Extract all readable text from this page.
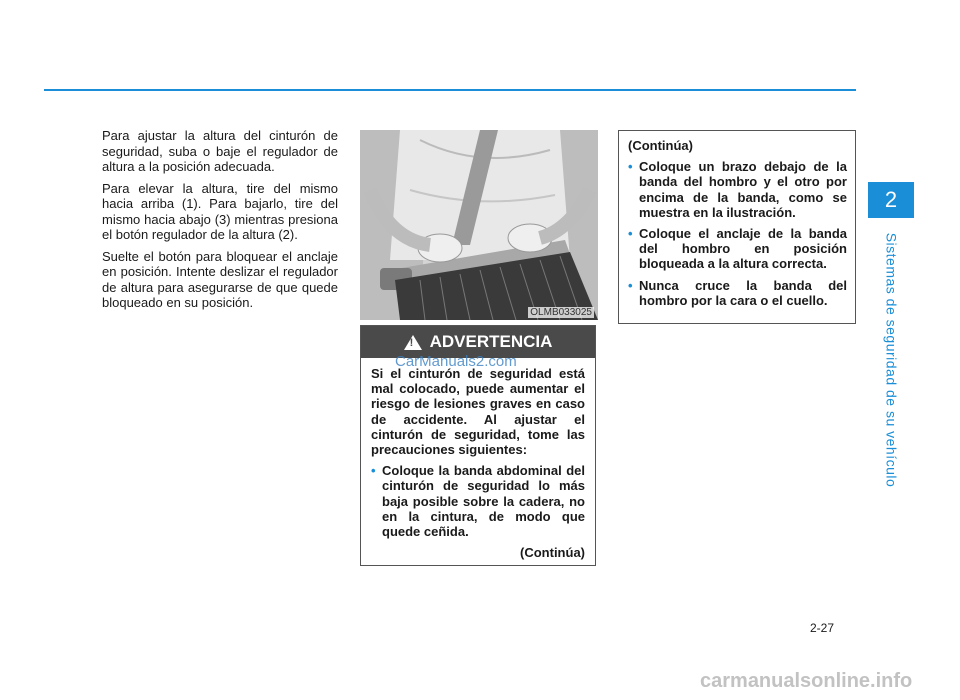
2
Sistemas de seguridad de su vehículo

Para ajustar la altura del cinturón de seguridad, suba o baje el regulador de altura a la posición adecuada.

Para elevar la altura, tire del mismo hacia arriba (1). Para bajarlo, tire del mismo hacia abajo (3) mientras presiona el botón regulador de la altura (2).

Suelte el botón para bloquear el anclaje en posición. Intente deslizar el regulador de altura para asegurarse de que quede bloqueado en su posición.

OLMB033025
!
ADVERTENCIA

Si el cinturón de seguridad está mal colocado, puede aumentar el riesgo de lesiones graves en caso de accidente. Al ajustar el cinturón de seguridad, tome las precauciones siguientes:

• Coloque la banda abdominal del cinturón de seguridad lo más baja posible sobre la cadera, no en la cintura, de modo que quede ceñida.

(Continúa)

CarManuals2.com

(Continúa)

• Coloque un brazo debajo de la banda del hombro y el otro por encima de la banda, como se muestra en la ilustración.

• Coloque el anclaje de la banda del hombro en posición bloqueada a la altura correcta.

• Nunca cruce la banda del hombro por la cara o el cuello.

2-27
carmanualsonline.info
